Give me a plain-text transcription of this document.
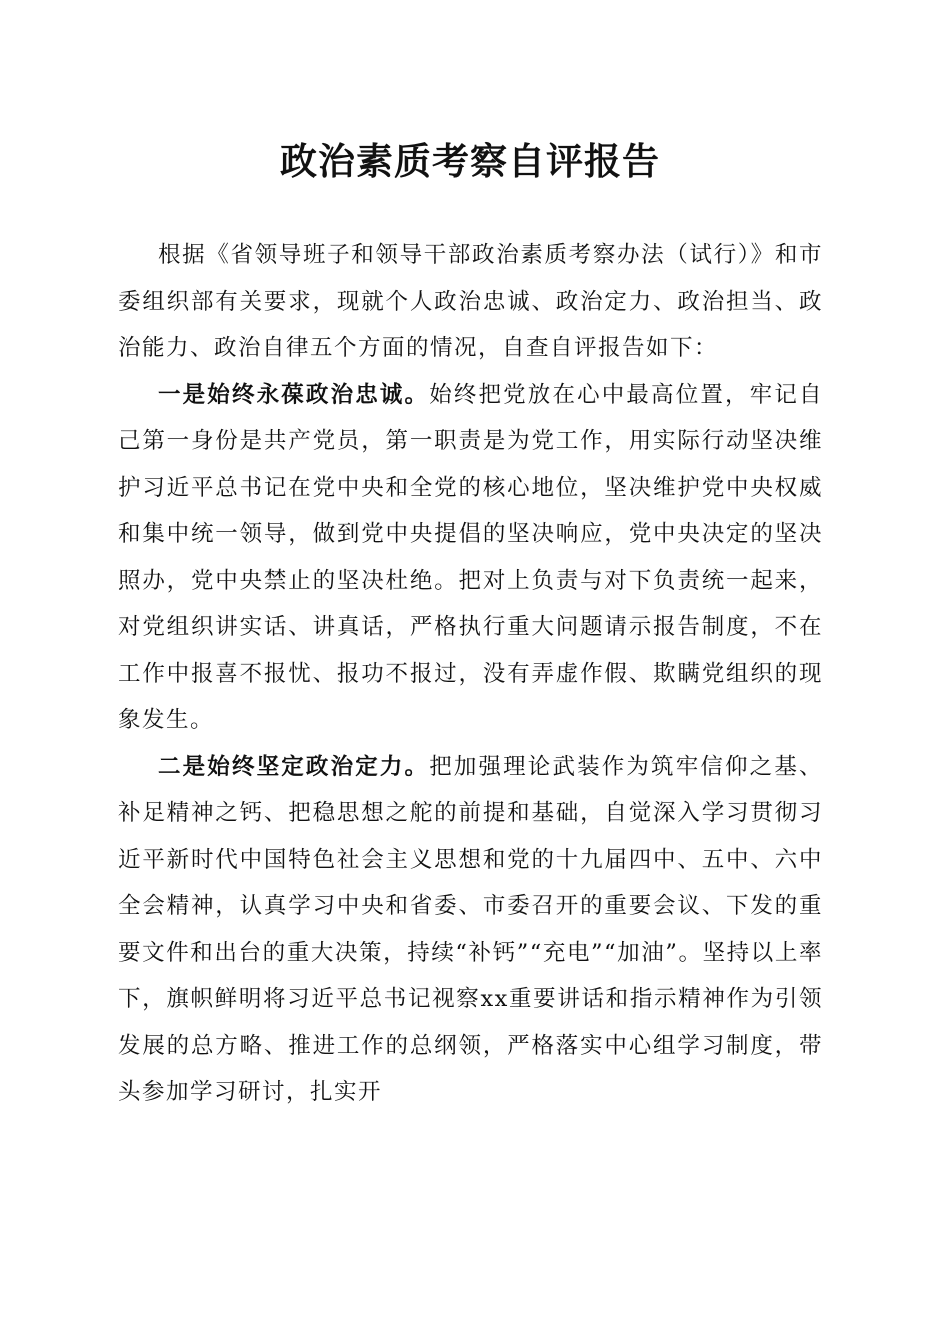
政治素质考察自评报告

根据《省领导班子和领导干部政治素质考察办法（试行）》和市委组织部有关要求，现就个人政治忠诚、政治定力、政治担当、政治能力、政治自律五个方面的情况，自查自评报告如下：

一是始终永葆政治忠诚。始终把党放在心中最高位置，牢记自己第一身份是共产党员，第一职责是为党工作，用实际行动坚决维护习近平总书记在党中央和全党的核心地位，坚决维护党中央权威和集中统一领导，做到党中央提倡的坚决响应，党中央决定的坚决照办，党中央禁止的坚决杜绝。把对上负责与对下负责统一起来，对党组织讲实话、讲真话，严格执行重大问题请示报告制度，不在工作中报喜不报忧、报功不报过，没有弄虚作假、欺瞒党组织的现象发生。

二是始终坚定政治定力。把加强理论武装作为筑牢信仰之基、补足精神之钙、把稳思想之舵的前提和基础，自觉深入学习贯彻习近平新时代中国特色社会主义思想和党的十九届四中、五中、六中全会精神，认真学习中央和省委、市委召开的重要会议、下发的重要文件和出台的重大决策，持续“补钙”“充电”“加油”。坚持以上率下，旗帜鲜明将习近平总书记视察xx重要讲话和指示精神作为引领发展的总方略、推进工作的总纲领，严格落实中心组学习制度，带头参加学习研讨，扎实开
